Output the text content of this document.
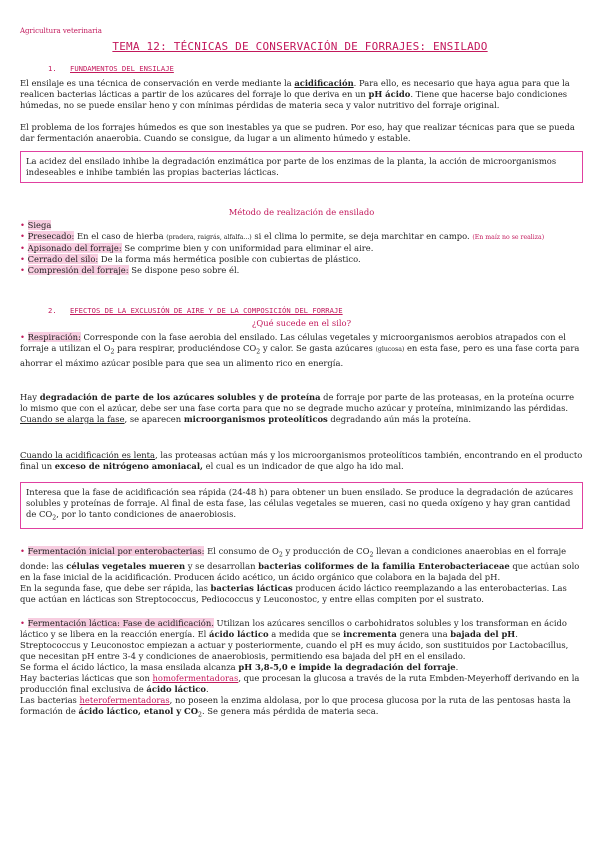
Agricultura veterinaria
TEMA 12: TÉCNICAS DE CONSERVACIÓN DE FORRAJES: ENSILADO
1. FUNDAMENTOS DEL ENSILAJE

El ensilaje es una técnica de conservación en verde mediante la acidificación. Para ello, es necesario que haya agua para que la realicen bacterias lácticas a partir de los azúcares del forraje lo que deriva en un pH ácido. Tiene que hacerse bajo condiciones húmedas, no se puede ensilar heno y con mínimas pérdidas de materia seca y valor nutritivo del forraje original.

El problema de los forrajes húmedos es que son inestables ya que se pudren. Por eso, hay que realizar técnicas para que se pueda dar fermentación anaerobia. Cuando se consigue, da lugar a un alimento húmedo y estable.

La acidez del ensilado inhibe la degradación enzimática por parte de los enzimas de la planta, la acción de microorganismos indeseables e inhibe también las propias bacterias lácticas.
Método de realización de ensilado
• Siega
• Presecado: En el caso de hierba (pradera, raigrás, alfalfa...) si el clima lo permite, se deja marchitar en campo. (En maíz no se realiza)
• Apisonado del forraje: Se comprime bien y con uniformidad para eliminar el aire.
• Cerrado del silo: De la forma más hermética posible con cubiertas de plástico.
• Compresión del forraje: Se dispone peso sobre él.
2. EFECTOS DE LA EXCLUSIÓN DE AIRE Y DE LA COMPOSICIÓN DEL FORRAJE
¿Qué sucede en el silo?

• Respiración: Corresponde con la fase aerobia del ensilado. Las células vegetales y microorganismos aerobios atrapados con el forraje a utilizan el $O_2$ para respirar, produciéndose $CO_2$ y calor. Se gasta azúcares (glucosa) en esta fase, pero es una fase corta para ahorrar el máximo azúcar posible para que sea un alimento rico en energía.

Hay degradación de parte de los azúcares solubles y de proteína de forraje por parte de las proteasas, en la proteína ocurre lo mismo que con el azúcar, debe ser una fase corta para que no se degrade mucho azúcar y proteína, minimizando las pérdidas.
Cuando se alarga la fase, se aparecen microorganismos proteolíticos degradando aún más la proteína.

Cuando la acidificación es lenta, las proteasas actúan más y los microorganismos proteolíticos también, encontrando en el producto final un exceso de nitrógeno amoniacal, el cual es un indicador de que algo ha ido mal.

Interesa que la fase de acidificación sea rápida (24-48 h) para obtener un buen ensilado. Se produce la degradación de azúcares solubles y proteínas de forraje. Al final de esta fase, las células vegetales se mueren, casi no queda oxígeno y hay gran cantidad de $CO_2$, por lo tanto condiciones de anaerobiosis.

• Fermentación inicial por enterobacterias: El consumo de $O_2$ y producción de $CO_2$ llevan a condiciones anaerobias en el forraje donde: las células vegetales mueren y se desarrollan bacterias coliformes de la familia Enterobacteriaceae que actúan solo en la fase inicial de la acidificación. Producen ácido acético, un ácido orgánico que colabora en la bajada del pH.
En la segunda fase, que debe ser rápida, las bacterias lácticas producen ácido láctico reemplazando a las enterobacterias. Las que actúan en lácticas son Streptococcus, Pediococcus y Leuconostoc, y entre ellas compiten por el sustrato.

• Fermentación láctica: Fase de acidificación. Utilizan los azúcares sencillos o carbohidratos solubles y los transforman en ácido láctico y se libera en la reacción energía. El ácido láctico a medida que se incrementa genera una bajada del pH.
Streptococcus y Leuconostoc empiezan a actuar y posteriormente, cuando el pH es muy ácido, son sustituidos por Lactobacillus, que necesitan pH entre 3-4 y condiciones de anaerobiosis, permitiendo esa bajada del pH en el ensilado.
Se forma el ácido láctico, la masa ensilada alcanza pH 3,8-5,0 e impide la degradación del forraje.
Hay bacterias lácticas que son homofermentadoras, que procesan la glucosa a través de la ruta Embden-Meyerhoff derivando en la producción final exclusiva de ácido láctico.
Las bacterias heterofermentadoras, no poseen la enzima aldolasa, por lo que procesa glucosa por la ruta de las pentosas hasta la formación de ácido láctico, etanol y $CO_2$. Se genera más pérdida de materia seca.
